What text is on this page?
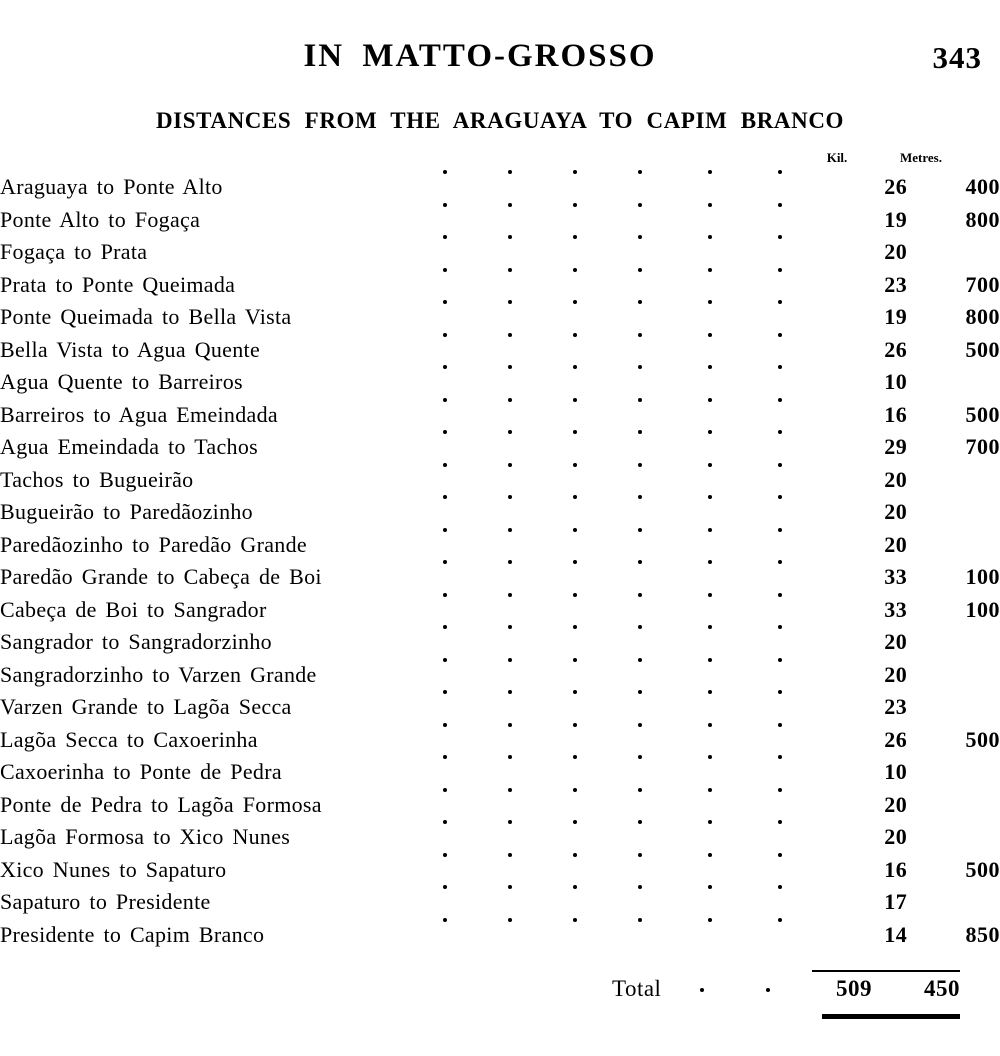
IN MATTO-GROSSO	343
DISTANCES FROM THE ARAGUAYA TO CAPIM BRANCO
Kil.	Metres.
Araguaya to Ponte Alto		26	400
Ponte Alto to Fogaça		19	800
Fogaça to Prata		20	
Prata to Ponte Queimada		23	700
Ponte Queimada to Bella Vista		19	800
Bella Vista to Agua Quente		26	500
Agua Quente to Barreiros		10	
Barreiros to Agua Emeindada		16	500
Agua Emeindada to Tachos		29	700
Tachos to Bugueirão		20	
Bugueirão to Paredãozinho		20	
Paredãozinho to Paredão Grande		20	
Paredão Grande to Cabeça de Boi		33	100
Cabeça de Boi to Sangrador		33	100
Sangrador to Sangradorzinho		20	
Sangradorzinho to Varzen Grande		20	
Varzen Grande to Lagõa Secca		23	
Lagõa Secca to Caxoerinha		26	500
Caxoerinha to Ponte de Pedra		10	
Ponte de Pedra to Lagõa Formosa		20	
Lagõa Formosa to Xico Nunes		20	
Xico Nunes to Sapaturo		16	500
Sapaturo to Presidente		17	
Presidente to Capim Branco		14	850
Total	509	450
